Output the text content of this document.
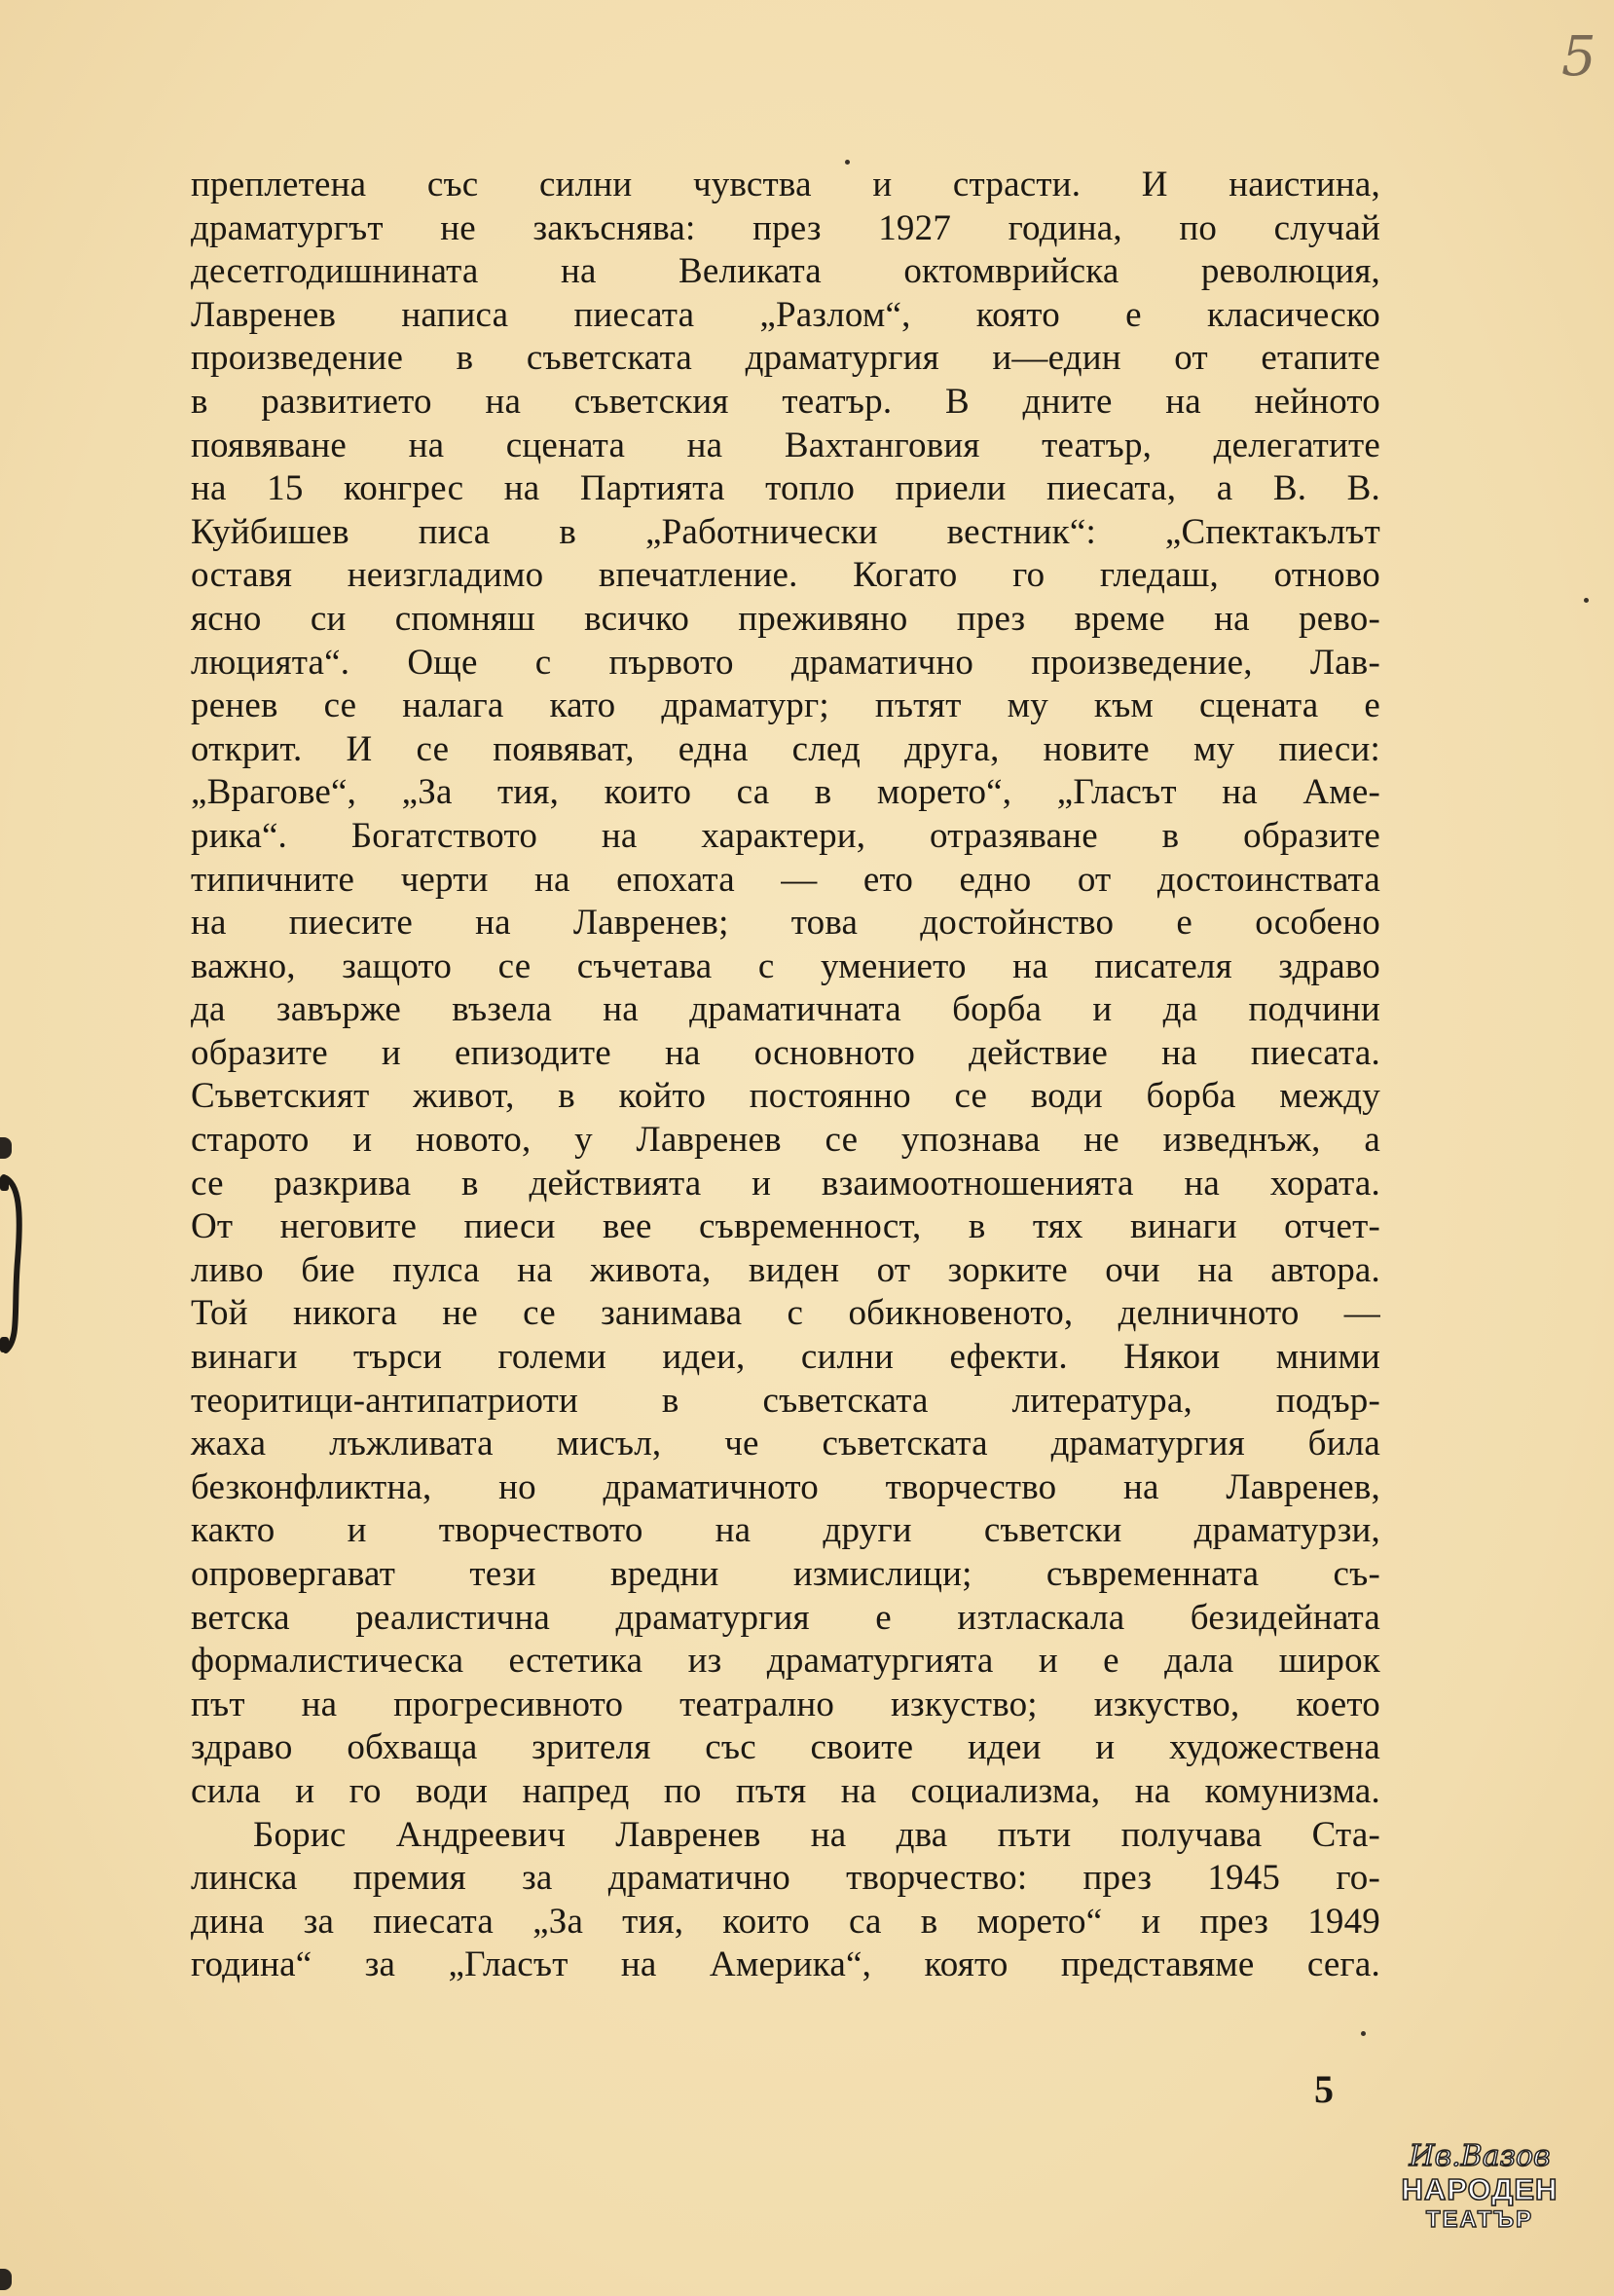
5
преплетена със силни чувства и страсти. И наистина,
драматургът не закъснява: през 1927 година, по случай
десетгодишнината на Великата октомврийска революция,
Лавренев написа пиесата „Разлом“, която е класическо
произведение в съветската драматургия и—един от етапите
в развитието на съветския театър. В дните на нейното
появяване на сцената на Вахтанговия театър, делегатите
на 15 конгрес на Партията топло приели пиесата, а В. В.
Куйбишев писа в „Работнически вестник“: „Спектакълът
оставя неизгладимо впечатление. Когато го гледаш, отново
ясно си спомняш всичко преживяно през време на рево-
люцията“. Още с първото драматично произведение, Лав-
ренев се налага като драматург; пътят му към сцената е
открит. И се появяват, една след друга, новите му пиеси:
„Врагове“, „За тия, които са в морето“, „Гласът на Аме-
рика“. Богатството на характери, отразяване в образите
типичните черти на епохата — ето едно от достоинствата
на пиесите на Лавренев; това достойнство е особено
важно, защото се съчетава с умението на писателя здраво
да завърже възела на драматичната борба и да подчини
образите и епизодите на основното действие на пиесата.
Съветският живот, в който постоянно се води борба между
старото и новото, у Лавренев се упознава не изведнъж, а
се разкрива в действията и взаимоотношенията на хората.
От неговите пиеси вее съвременност, в тях винаги отчет-
ливо бие пулса на живота, виден от зорките очи на автора.
Той никога не се занимава с обикновеното, делничното —
винаги търси големи идеи, силни ефекти. Някои мними
теоритици-антипатриоти в съветската литература, подър-
жаха лъжливата мисъл, че съветската драматургия била
безконфликтна, но драматичното творчество на Лавренев,
както и творчеството на други съветски драматурзи,
опровергават тези вредни измислици; съвременната съ-
ветска реалистична драматургия е изтласкала безидейната
формалистическа естетика из драматургията и е дала широк
път на прогресивното театрално изкуство; изкуство, което
здраво обхваща зрителя със своите идеи и художествена
сила и го води напред по пътя на социализма, на комунизма.
Борис Андреевич Лавренев на два пъти получава Ста-
линска премия за драматично творчество: през 1945 го-
дина за пиесата „За тия, които са в морето“ и през 1949
година“ за „Гласът на Америка“, която представяме сега.
5
Ив.Вазов
НАРОДЕН
ТЕАТЪР
